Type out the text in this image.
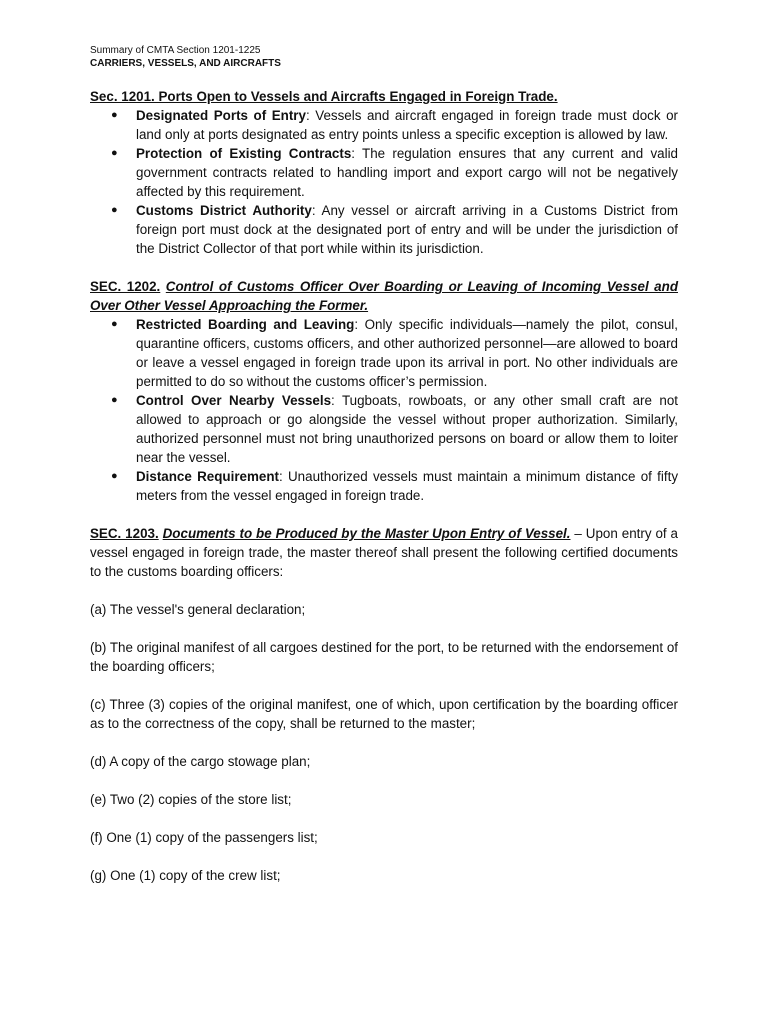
Summary of CMTA Section 1201-1225

CARRIERS, VESSELS, AND AIRCRAFTS

Sec. 1201. Ports Open to Vessels and Aircrafts Engaged in Foreign Trade.

● Designated Ports of Entry: Vessels and aircraft engaged in foreign trade must dock or land only at ports designated as entry points unless a specific exception is allowed by law.
● Protection of Existing Contracts: The regulation ensures that any current and valid government contracts related to handling import and export cargo will not be negatively affected by this requirement.
● Customs District Authority: Any vessel or aircraft arriving in a Customs District from foreign port must dock at the designated port of entry and will be under the jurisdiction of the District Collector of that port while within its jurisdiction.

SEC. 1202. Control of Customs Officer Over Boarding or Leaving of Incoming Vessel and Over Other Vessel Approaching the Former.

● Restricted Boarding and Leaving: Only specific individuals—namely the pilot, consul, quarantine officers, customs officers, and other authorized personnel—are allowed to board or leave a vessel engaged in foreign trade upon its arrival in port. No other individuals are permitted to do so without the customs officer’s permission.
● Control Over Nearby Vessels: Tugboats, rowboats, or any other small craft are not allowed to approach or go alongside the vessel without proper authorization. Similarly, authorized personnel must not bring unauthorized persons on board or allow them to loiter near the vessel.
● Distance Requirement: Unauthorized vessels must maintain a minimum distance of fifty meters from the vessel engaged in foreign trade.

SEC. 1203. Documents to be Produced by the Master Upon Entry of Vessel. – Upon entry of a vessel engaged in foreign trade, the master thereof shall present the following certified documents to the customs boarding officers:

(a) The vessel's general declaration;

(b) The original manifest of all cargoes destined for the port, to be returned with the endorsement of the boarding officers;

(c) Three (3) copies of the original manifest, one of which, upon certification by the boarding officer as to the correctness of the copy, shall be returned to the master;

(d) A copy of the cargo stowage plan;

(e) Two (2) copies of the store list;

(f) One (1) copy of the passengers list;

(g) One (1) copy of the crew list;
